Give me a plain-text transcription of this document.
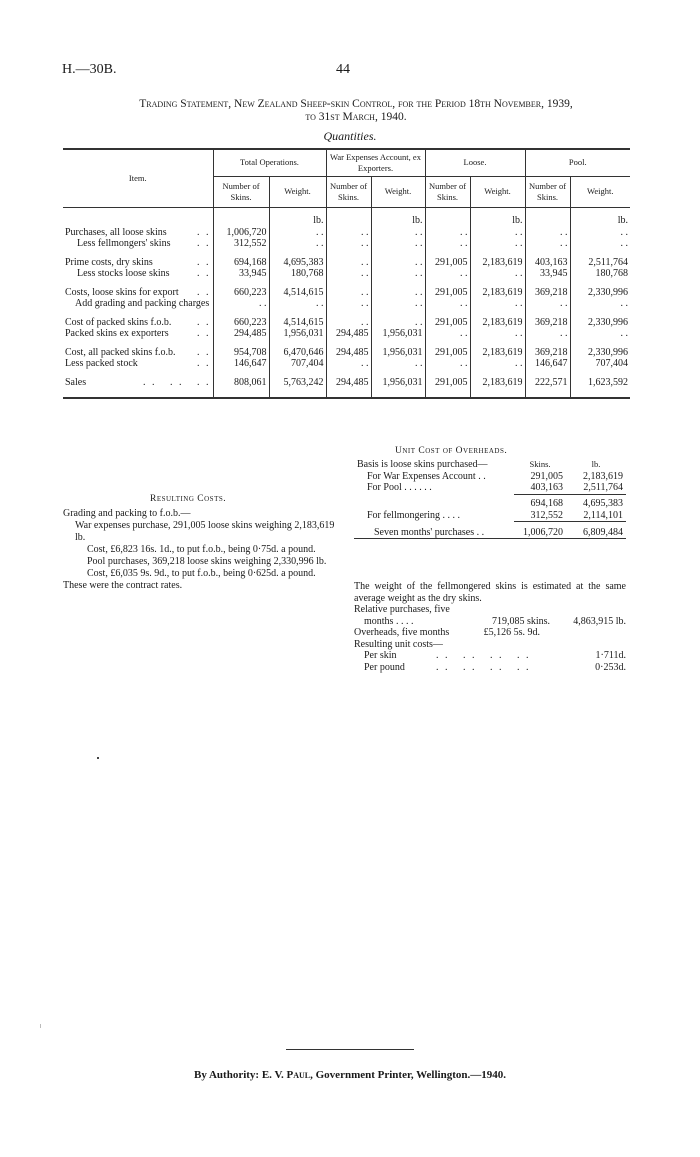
H.—30B.	44
Trading Statement, New Zealand Sheep-skin Control, for the Period 18th November, 1939,
to 31st March, 1940.
Quantities.
Item.	Total Operations.		War Expenses Account, ex Exporters.		Loose.		Pool.	
	Number of Skins.	Weight.	Number of Skins.	Weight.	Number of Skins.	Weight.	Number of Skins.	Weight.

		lb.		lb.		lb.		lb.
Purchases, all loose skins . .	1,006,720	. .	. .	. .	. .	. .	. .	. .
Less fellmongers' skins . .	312,552	. .	. .	. .	. .	. .	. .	. .

Prime costs, dry skins . .	694,168	4,695,383	. .	. .	291,005	2,183,619	403,163	2,511,764
Less stocks loose skins . .	33,945	180,768	. .	. .	. .	. .	33,945	180,768

Costs, loose skins for export . .	660,223	4,514,615	. .	. .	291,005	2,183,619	369,218	2,330,996
Add grading and packing charges	. .	. .	. .	. .	. .	. .	. .	. .

Cost of packed skins f.o.b. . .	660,223	4,514,615	. .	. .	291,005	2,183,619	369,218	2,330,996
Packed skins ex exporters . .	294,485	1,956,031	294,485	1,956,031	. .	. .	. .	. .

Cost, all packed skins f.o.b. . .	954,708	6,470,646	294,485	1,956,031	291,005	2,183,619	369,218	2,330,996
Less packed stock . .	146,647	707,404	. .	. .	. .	. .	146,647	707,404

Sales . .   . .   . .	808,061	5,763,242	294,485	1,956,031	291,005	2,183,619	222,571	1,623,592
Resulting Costs.
Grading and packing to f.o.b.—
War expenses purchase, 291,005 loose skins weighing 2,183,619 lb.
Cost, £6,823 16s. 1d., to put f.o.b., being 0·75d. a pound.
Pool purchases, 369,218 loose skins weighing 2,330,996 lb.
Cost, £6,035 9s. 9d., to put f.o.b., being 0·625d. a pound.
These were the contract rates.
Unit Cost of Overheads.
Basis is loose skins purchased—	Skins.	lb.
For War Expenses Account . .	291,005	2,183,619
For Pool . . . . . .	403,163	2,511,764

	694,168	4,695,383
For fellmongering . . . .	312,552	2,114,101

Seven months' purchases . .	1,006,720	6,809,484
The weight of the fellmongered skins is estimated at the same average weight as the dry skins.
Relative purchases, five
months . . . .	719,085 skins.	4,863,915 lb.
Overheads, five months	£5,126 5s. 9d.
Resulting unit costs—
Per skin	. .   . .   . .   . .	1·711d.
Per pound	. .   . .   . .   . .	0·253d.
By Authority: E. V. Paul, Government Printer, Wellington.—1940.
